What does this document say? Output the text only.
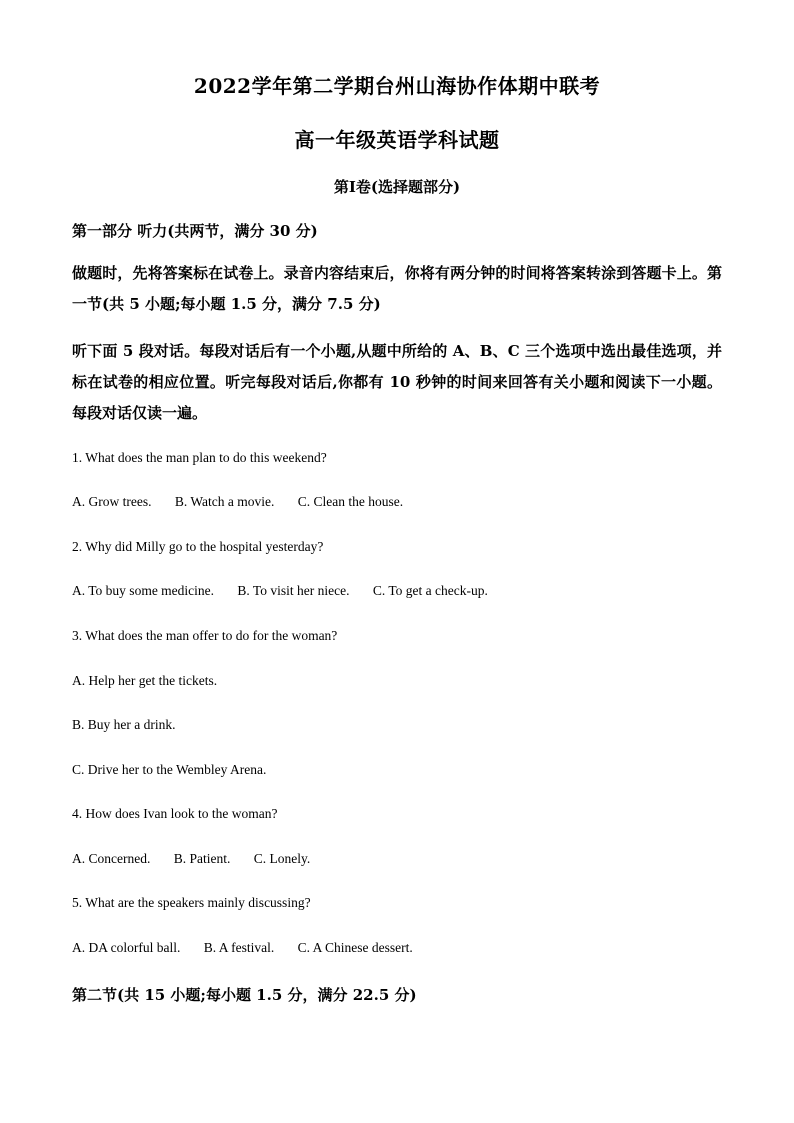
2022学年第二学期台州山海协作体期中联考
高一年级英语学科试题
第Ⅰ卷(选择题部分)
第一部分 听力(共两节，满分 30 分)
做题时，先将答案标在试卷上。录音内容结束后，你将有两分钟的时间将答案转涂到答题卡上。第一节(共 5 小题;每小题 1.5 分，满分 7.5 分)
听下面 5 段对话。每段对话后有一个小题,从题中所给的 A、B、C 三个选项中选出最佳选项，并标在试卷的相应位置。听完每段对话后,你都有 10 秒钟的时间来回答有关小题和阅读下一小题。每段对话仅读一遍。
1. What does the man plan to do this weekend?
A. Grow trees. B. Watch a movie. C. Clean the house.
2. Why did Milly go to the hospital yesterday?
A. To buy some medicine. B. To visit her niece. C. To get a check-up.
3. What does the man offer to do for the woman?
A. Help her get the tickets.
B. Buy her a drink.
C. Drive her to the Wembley Arena.
4. How does Ivan look to the woman?
A. Concerned. B. Patient. C. Lonely.
5. What are the speakers mainly discussing?
A. DA colorful ball. B. A festival. C. A Chinese dessert.
第二节(共 15 小题;每小题 1.5 分，满分 22.5 分)
